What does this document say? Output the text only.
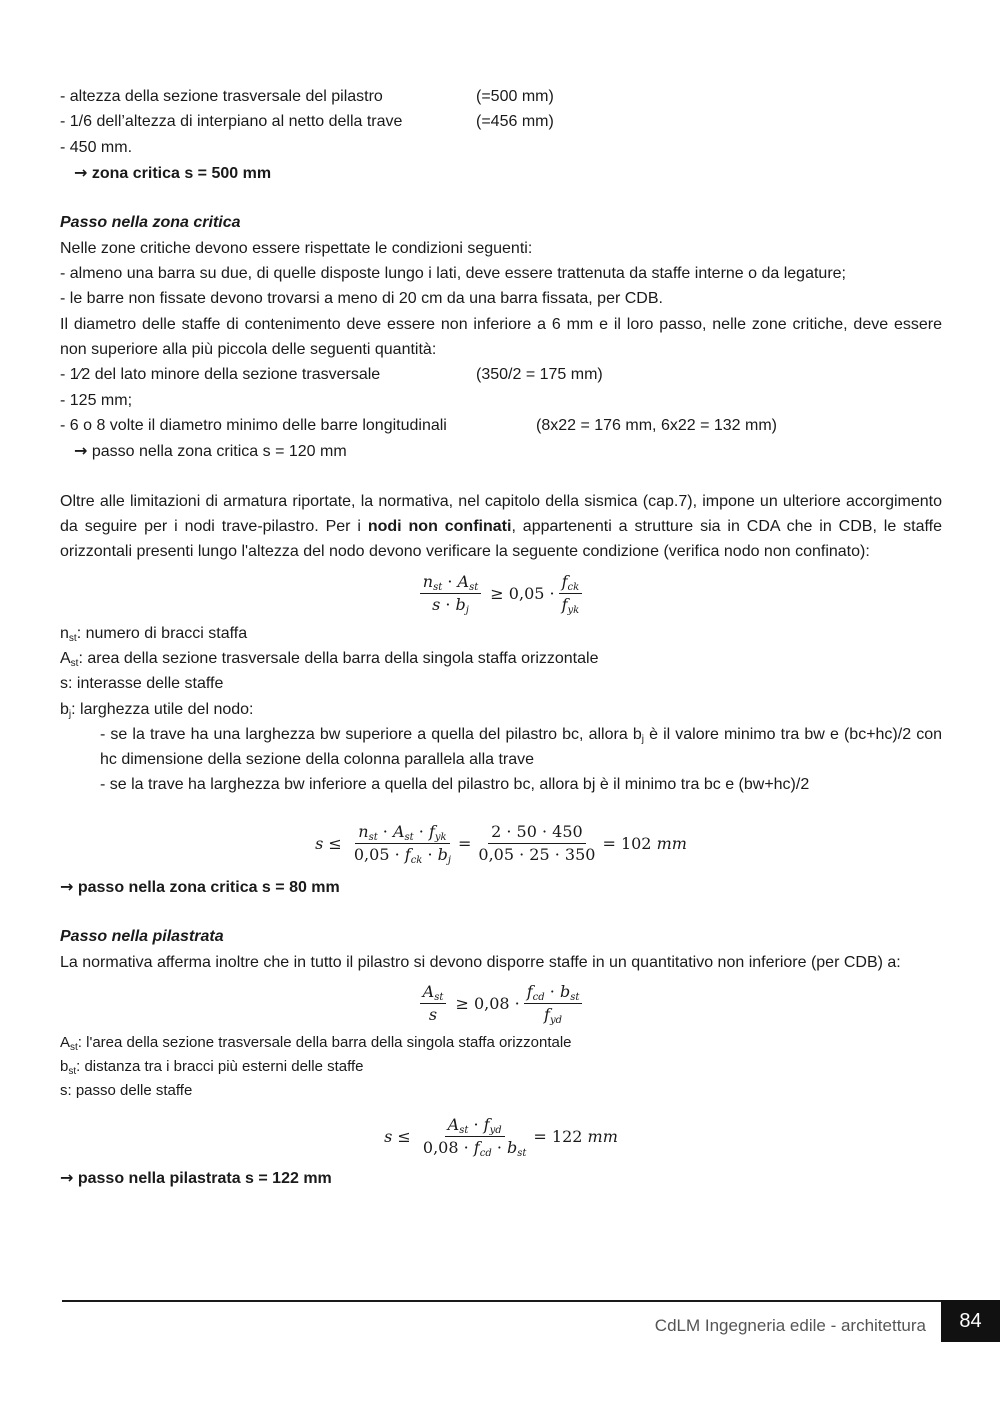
- altezza della sezione trasversale del pilastro	(=500 mm)
- 1/6 dell’altezza di interpiano al netto della trave	(=456 mm)
- 450 mm.
→ zona critica s = 500 mm
Passo nella zona critica
Nelle zone critiche devono essere rispettate le condizioni seguenti:
- almeno una barra su due, di quelle disposte lungo i lati, deve essere trattenuta da staffe interne o da legature;
- le barre non fissate devono trovarsi a meno di 20 cm da una barra fissata, per CDB.
Il diametro delle staffe di contenimento deve essere non inferiore a 6 mm e il loro passo, nelle zone critiche, deve essere non superiore alla più piccola delle seguenti quantità:
- 1⁄2 del lato minore della sezione trasversale	(350/2 = 175 mm)
- 125 mm;
- 6 o 8 volte il diametro minimo delle barre longitudinali	(8x22 = 176 mm, 6x22 = 132 mm)
→ passo nella zona critica s = 120 mm
Oltre alle limitazioni di armatura riportate, la normativa, nel capitolo della sismica (cap.7), impone un ulteriore accorgimento da seguire per i nodi trave-pilastro. Per i nodi non confinati, appartenenti a strutture sia in CDA che in CDB, le staffe orizzontali presenti lungo l'altezza del nodo devono verificare la seguente condizione (verifica nodo non confinato):
$\frac{n_{st} \cdot A_{st}}{s \cdot b_j} \ge 0,05 \cdot \frac{f_{ck}}{f_{yk}}$
$n_{st}$: numero di bracci staffa
$A_{st}$: area della sezione trasversale della barra della singola staffa orizzontale
s: interasse delle staffe
$b_j$: larghezza utile del nodo:
- se la trave ha una larghezza bw superiore a quella del pilastro bc, allora $b_j$ è il valore minimo tra bw e (bc+hc)/2 con hc dimensione della sezione della colonna parallela alla trave
- se la trave ha larghezza bw inferiore a quella del pilastro bc, allora bj è il minimo tra bc e (bw+hc)/2
$s \le \frac{n_{st} \cdot A_{st} \cdot f_{yk}}{0,05 \cdot f_{ck} \cdot b_j} = \frac{2 \cdot 50 \cdot 450}{0,05 \cdot 25 \cdot 350} = 102$ mm
→ passo nella zona critica s = 80 mm
Passo nella pilastrata
La normativa afferma inoltre che in tutto il pilastro si devono disporre staffe in un quantitativo non inferiore (per CDB) a:
$\frac{A_{st}}{s} \ge 0,08 \cdot \frac{f_{cd} \cdot b_{st}}{f_{yd}}$
$A_{st}$: l'area della sezione trasversale della barra della singola staffa orizzontale
$b_{st}$: distanza tra i bracci più esterni delle staffe
s: passo delle staffe
$s \le \frac{A_{st} \cdot f_{yd}}{0,08 \cdot f_{cd} \cdot b_{st}} = 122$ mm
→ passo nella pilastrata s = 122 mm
CdLM Ingegneria edile - architettura	84
